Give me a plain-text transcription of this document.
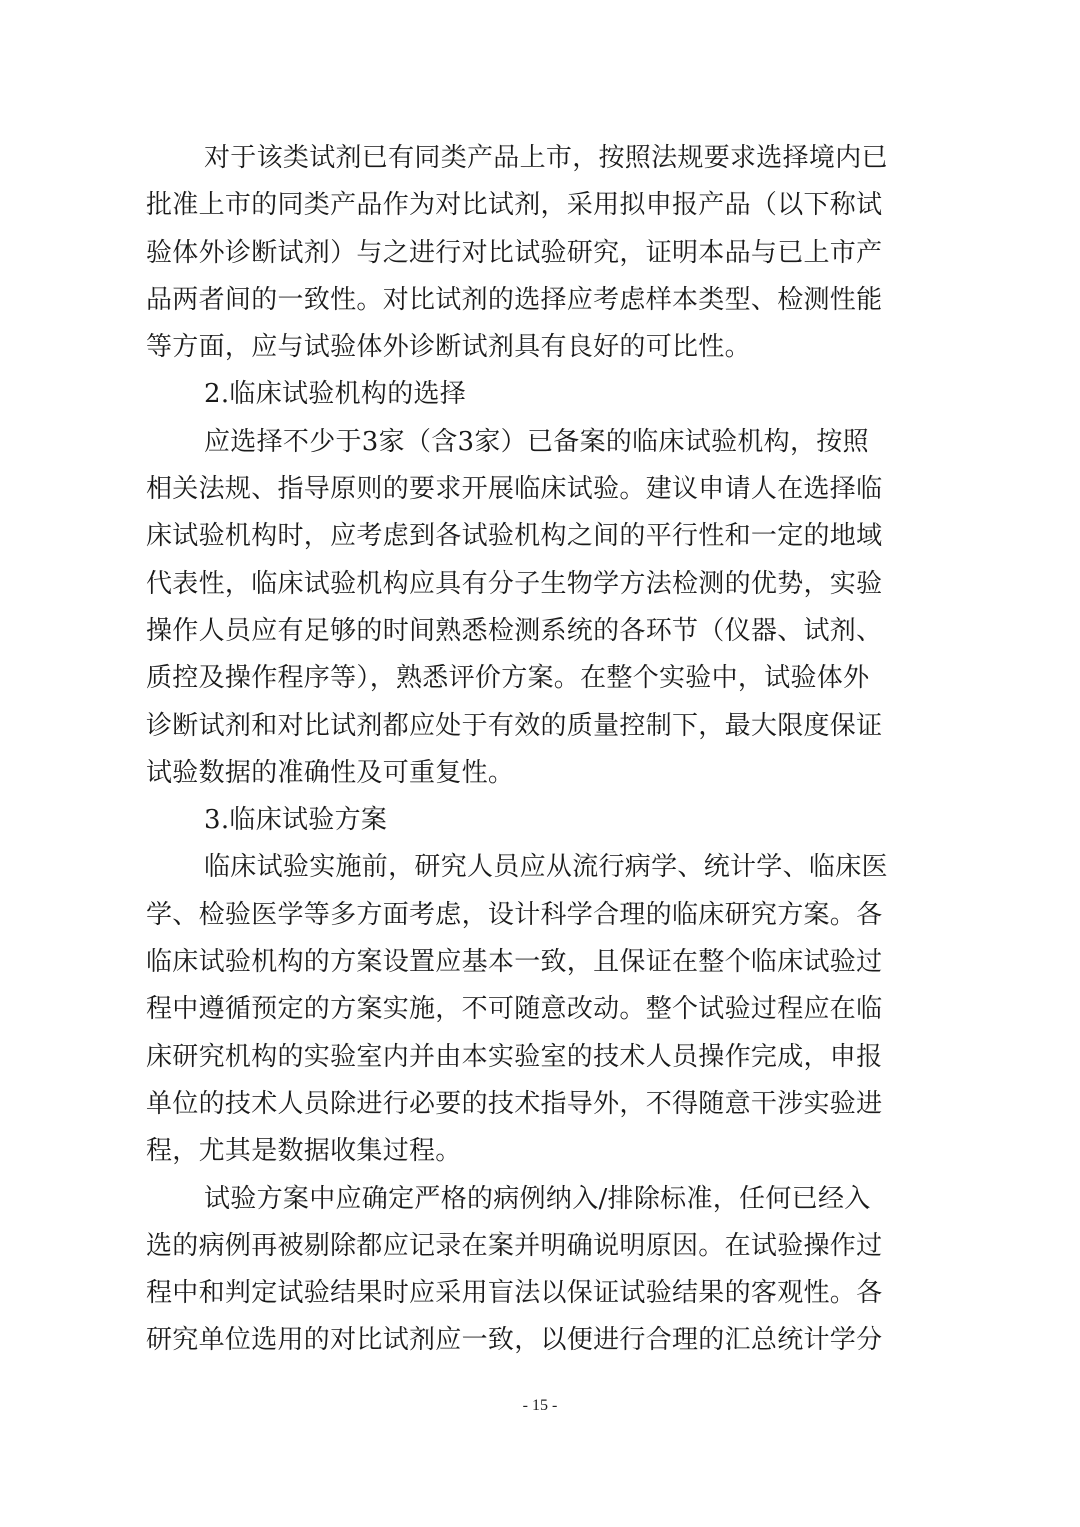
对于该类试剂已有同类产品上市，按照法规要求选择境内已
批准上市的同类产品作为对比试剂，采用拟申报产品（以下称试
验体外诊断试剂）与之进行对比试验研究，证明本品与已上市产
品两者间的一致性。对比试剂的选择应考虑样本类型、检测性能
等方面，应与试验体外诊断试剂具有良好的可比性。
2.临床试验机构的选择
应选择不少于3家（含3家）已备案的临床试验机构，按照
相关法规、指导原则的要求开展临床试验。建议申请人在选择临
床试验机构时，应考虑到各试验机构之间的平行性和一定的地域
代表性，临床试验机构应具有分子生物学方法检测的优势，实验
操作人员应有足够的时间熟悉检测系统的各环节（仪器、试剂、
质控及操作程序等），熟悉评价方案。在整个实验中，试验体外
诊断试剂和对比试剂都应处于有效的质量控制下，最大限度保证
试验数据的准确性及可重复性。
3.临床试验方案
临床试验实施前，研究人员应从流行病学、统计学、临床医
学、检验医学等多方面考虑，设计科学合理的临床研究方案。各
临床试验机构的方案设置应基本一致，且保证在整个临床试验过
程中遵循预定的方案实施，不可随意改动。整个试验过程应在临
床研究机构的实验室内并由本实验室的技术人员操作完成，申报
单位的技术人员除进行必要的技术指导外，不得随意干涉实验进
程，尤其是数据收集过程。
试验方案中应确定严格的病例纳入/排除标准，任何已经入
选的病例再被剔除都应记录在案并明确说明原因。在试验操作过
程中和判定试验结果时应采用盲法以保证试验结果的客观性。各
研究单位选用的对比试剂应一致，以便进行合理的汇总统计学分
- 15 -
